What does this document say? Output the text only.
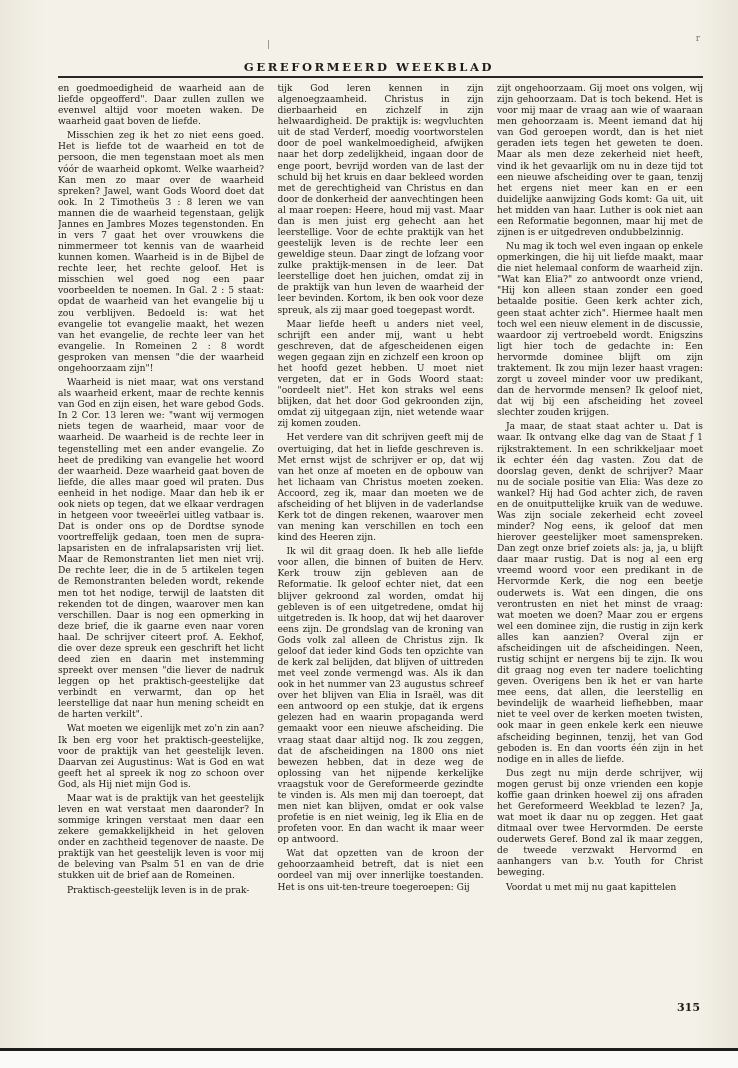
r
GEREFORMEERD WEEKBLAD

en goedmoedigheid de waarheid aan de liefde opgeofferd". Daar zullen zullen we evenwel altijd voor moeten waken. De waarheid gaat boven de liefde.

Misschien zeg ik het zo niet eens goed. Het is liefde tot de waarheid en tot de persoon, die men tegenstaan moet als men vóór de waarheid opkomt. Welke waarheid? Kan men zo maar over de waarheid spreken? Jawel, want Gods Woord doet dat ook. In 2 Timotheüs 3 : 8 leren we van mannen die de waarheid tegenstaan, gelijk Jannes en Jambres Mozes tegenstonden. En in vers 7 gaat het over vrouwkens die nimmermeer tot kennis van de waarheid kunnen komen. Waarheid is in de Bijbel de rechte leer, het rechte geloof. Het is misschien wel goed nog een paar voorbeelden te noemen. In Gal. 2 : 5 staat: opdat de waarheid van het evangelie bij u zou verblijven. Bedoeld is: wat het evangelie tot evangelie maakt, het wezen van het evangelie, de rechte leer van het evangelie. In Romeinen 2 : 8 wordt gesproken van mensen "die der waarheid ongehoorzaam zijn"!

Waarheid is niet maar, wat ons verstand als waarheid erkent, maar de rechte kennis van God en zijn eisen, het ware gebod Gods. In 2 Cor. 13 leren we: "want wij vermogen niets tegen de waarheid, maar voor de waarheid. De waarheid is de rechte leer in tegenstelling met een ander evangelie. Zo heet de prediking van evangelie het woord der waarheid. Deze waarheid gaat boven de liefde, die alles maar goed wil praten. Dus eenheid in het nodige. Maar dan heb ik er ook niets op tegen, dat we elkaar verdragen in hetgeen voor tweeërlei uitleg vatbaar is. Dat is onder ons op de Dordtse synode voortreffelijk gedaan, toen men de supra-lapsaristen en de infralapsaristen vrij liet. Maar de Remonstranten liet men niet vrij. De rechte leer, die in de 5 artikelen tegen de Remonstranten beleden wordt, rekende men tot het nodige, terwijl de laatsten dit rekenden tot de dingen, waarover men kan verschillen. Daar is nog een opmerking in deze brief, die ik gaarne even naar voren haal. De schrijver citeert prof. A. Eekhof, die over deze spreuk een geschrift het licht deed zien en daarin met instemming spreekt over mensen "die liever de nadruk leggen op het praktisch-geestelijke dat verbindt en verwarmt, dan op het leerstellige dat naar hun mening scheidt en de harten verkilt".

Wat moeten we eigenlijk met zo'n zin aan? Ik ben erg voor het praktisch-geestelijke, voor de praktijk van het geestelijk leven. Daarvan zei Augustinus: Wat is God en wat geeft het al spreek ik nog zo schoon over God, als Hij niet mijn God is.

Maar wat is de praktijk van het geestelijk leven en wat verstaat men daaronder? In sommige kringen verstaat men daar een zekere gemakkelijkheid in het geloven onder en zachtheid tegenover de naaste. De praktijk van het geestelijk leven is voor mij de beleving van Psalm 51 en van de drie stukken uit de brief aan de Romeinen.

Praktisch-geestelijk leven is in de prak-

tijk God leren kennen in zijn algenoegzaamheid. Christus in zijn dierbaarheid en zichzelf in zijn helwaardigheid. De praktijk is: wegvluchten uit de stad Verderf, moedig voortworstelen door de poel wankelmoedigheid, afwijken naar het dorp zedelijkheid, ingaan door de enge poort, bevrijd worden van de last der schuld bij het kruis en daar bekleed worden met de gerechtigheid van Christus en dan door de donkerheid der aanvechtingen heen al maar roepen: Heere, houd mij vast. Maar dan is men juist erg gehecht aan het leerstellige. Voor de echte praktijk van het geestelijk leven is de rechte leer een geweldige steun. Daar zingt de lofzang voor zulke praktijk-mensen in de leer. Dat leerstellige doet hen juichen, omdat zij in de praktijk van hun leven de waarheid der leer bevinden. Kortom, ik ben ook voor deze spreuk, als zij maar goed toegepast wordt.

Maar liefde heeft u anders niet veel, schrijft een ander mij, want u hebt geschreven, dat de afgescheidenen eigen wegen gegaan zijn en zichzelf een kroon op het hoofd gezet hebben. U moet niet vergeten, dat er in Gods Woord staat: "oordeelt niet". Het kon straks wel eens blijken, dat het door God gekroonden zijn, omdat zij uitgegaan zijn, niet wetende waar zij komen zouden.

Het verdere van dit schrijven geeft mij de overtuiging, dat het in liefde geschreven is. Met ernst wijst de schrijver er op, dat wij van het onze af moeten en de opbouw van het lichaam van Christus moeten zoeken. Accoord, zeg ik, maar dan moeten we de afscheiding of het blijven in de vaderlandse Kerk tot de dingen rekenen, waarover men van mening kan verschillen en toch een kind des Heeren zijn.

Ik wil dit graag doen. Ik heb alle liefde voor allen, die binnen of buiten de Herv. Kerk trouw zijn gebleven aan de Reformatie. Ik geloof echter niet, dat een blijver gekroond zal worden, omdat hij gebleven is of een uitgetredene, omdat hij uitgetreden is. Ik hoop, dat wij het daarover eens zijn. De grondslag van de kroning van Gods volk zal alleen de Christus zijn. Ik geloof dat ieder kind Gods ten opzichte van de kerk zal belijden, dat blijven of uittreden met veel zonde vermengd was. Als ik dan ook in het nummer van 23 augustus schreef over het blijven van Elia in Israël, was dit een antwoord op een stukje, dat ik ergens gelezen had en waarin propaganda werd gemaakt voor een nieuwe afscheiding. Die vraag staat daar altijd nog. Ik zou zeggen, dat de afscheidingen na 1800 ons niet bewezen hebben, dat in deze weg de oplossing van het nijpende kerkelijke vraagstuk voor de Gereformeerde gezindte te vinden is. Als men mij dan toeroept, dat men niet kan blijven, omdat er ook valse profetie is en niet weinig, leg ik Elia en de profeten voor. En dan wacht ik maar weer op antwoord.

Wat dat opzetten van de kroon der gehoorzaamheid betreft, dat is niet een oordeel van mij over innerlijke toestanden. Het is ons uit-ten-treure toegeroepen: Gij

zijt ongehoorzaam. Gij moet ons volgen, wij zijn gehoorzaam. Dat is toch bekend. Het is voor mij maar de vraag aan wie of waaraan men gehoorzaam is. Meent iemand dat hij van God geroepen wordt, dan is het niet geraden iets tegen het geweten te doen. Maar als men deze zekerheid niet heeft, vind ik het gevaarlijk om nu in deze tijd tot een nieuwe afscheiding over te gaan, tenzij het ergens niet meer kan en er een duidelijke aanwijzing Gods komt: Ga uit, uit het midden van haar. Luther is ook niet aan een Reformatie begonnen, maar hij met de zijnen is er uitgedreven ondubbelzinnig.

Nu mag ik toch wel even ingaan op enkele opmerkingen, die hij uit liefde maakt, maar die niet helemaal conform de waarheid zijn. "Wat kan Elia?" zo antwoordt onze vriend, "Hij kon alleen staan zonder een goed betaalde positie. Geen kerk achter zich, geen staat achter zich". Hiermee haalt men toch wel een nieuw element in de discussie, waardoor zij vertroebeld wordt. Enigszins ligt hier toch de gedachte in: Een hervormde dominee blijft om zijn traktement. Ik zou mijn lezer haast vragen: zorgt u zoveel minder voor uw predikant, dan de hervormde mensen? Ik geloof niet, dat wij bij een afscheiding het zoveel slechter zouden krijgen.

Ja maar, de staat staat achter u. Dat is waar. Ik ontvang elke dag van de Staat ƒ 1 rijkstraktement. In een schrikkeljaar moet ik echter één dag vasten. Zou dat de doorslag geven, denkt de schrijver? Maar nu de sociale positie van Elia: Was deze zo wankel? Hij had God achter zich, de raven en de onuitputtelijke kruik van de weduwe. Was zijn sociale zekerheid echt zoveel minder? Nog eens, ik geloof dat men hierover geestelijker moet samenspreken. Dan zegt onze brief zoiets als: ja, ja, u blijft daar maar rustig. Dat is nog al een erg vreemd woord voor een predikant in de Hervormde Kerk, die nog een beetje ouderwets is. Wat een dingen, die ons verontrusten en niet het minst de vraag: wat moeten we doen? Maar zou er ergens wel een dominee zijn, die rustig in zijn kerk alles kan aanzien? Overal zijn er afscheidingen uit de afscheidingen. Neen, rustig schijnt er nergens bij te zijn. Ik wou dit graag nog even ter nadere toelichting geven. Overigens ben ik het er van harte mee eens, dat allen, die leerstellig en bevindelijk de waarheid liefhebben, maar niet te veel over de kerken moeten twisten, ook maar in geen enkele kerk een nieuwe afscheiding beginnen, tenzij, het van God geboden is. En dan voorts één zijn in het nodige en in alles de liefde.

Dus zegt nu mijn derde schrijver, wij mogen gerust bij onze vrienden een kopje koffie gaan drinken hoewel zij ons afraden het Gereformeerd Weekblad te lezen? Ja, wat moet ik daar nu op zeggen. Het gaat ditmaal over twee Hervormden. De eerste ouderwets Geref. Bond zal ik maar zeggen, de tweede verzwakt Hervormd en aanhangers van b.v. Youth for Christ beweging.

Voordat u met mij nu gaat kapittelen

315
